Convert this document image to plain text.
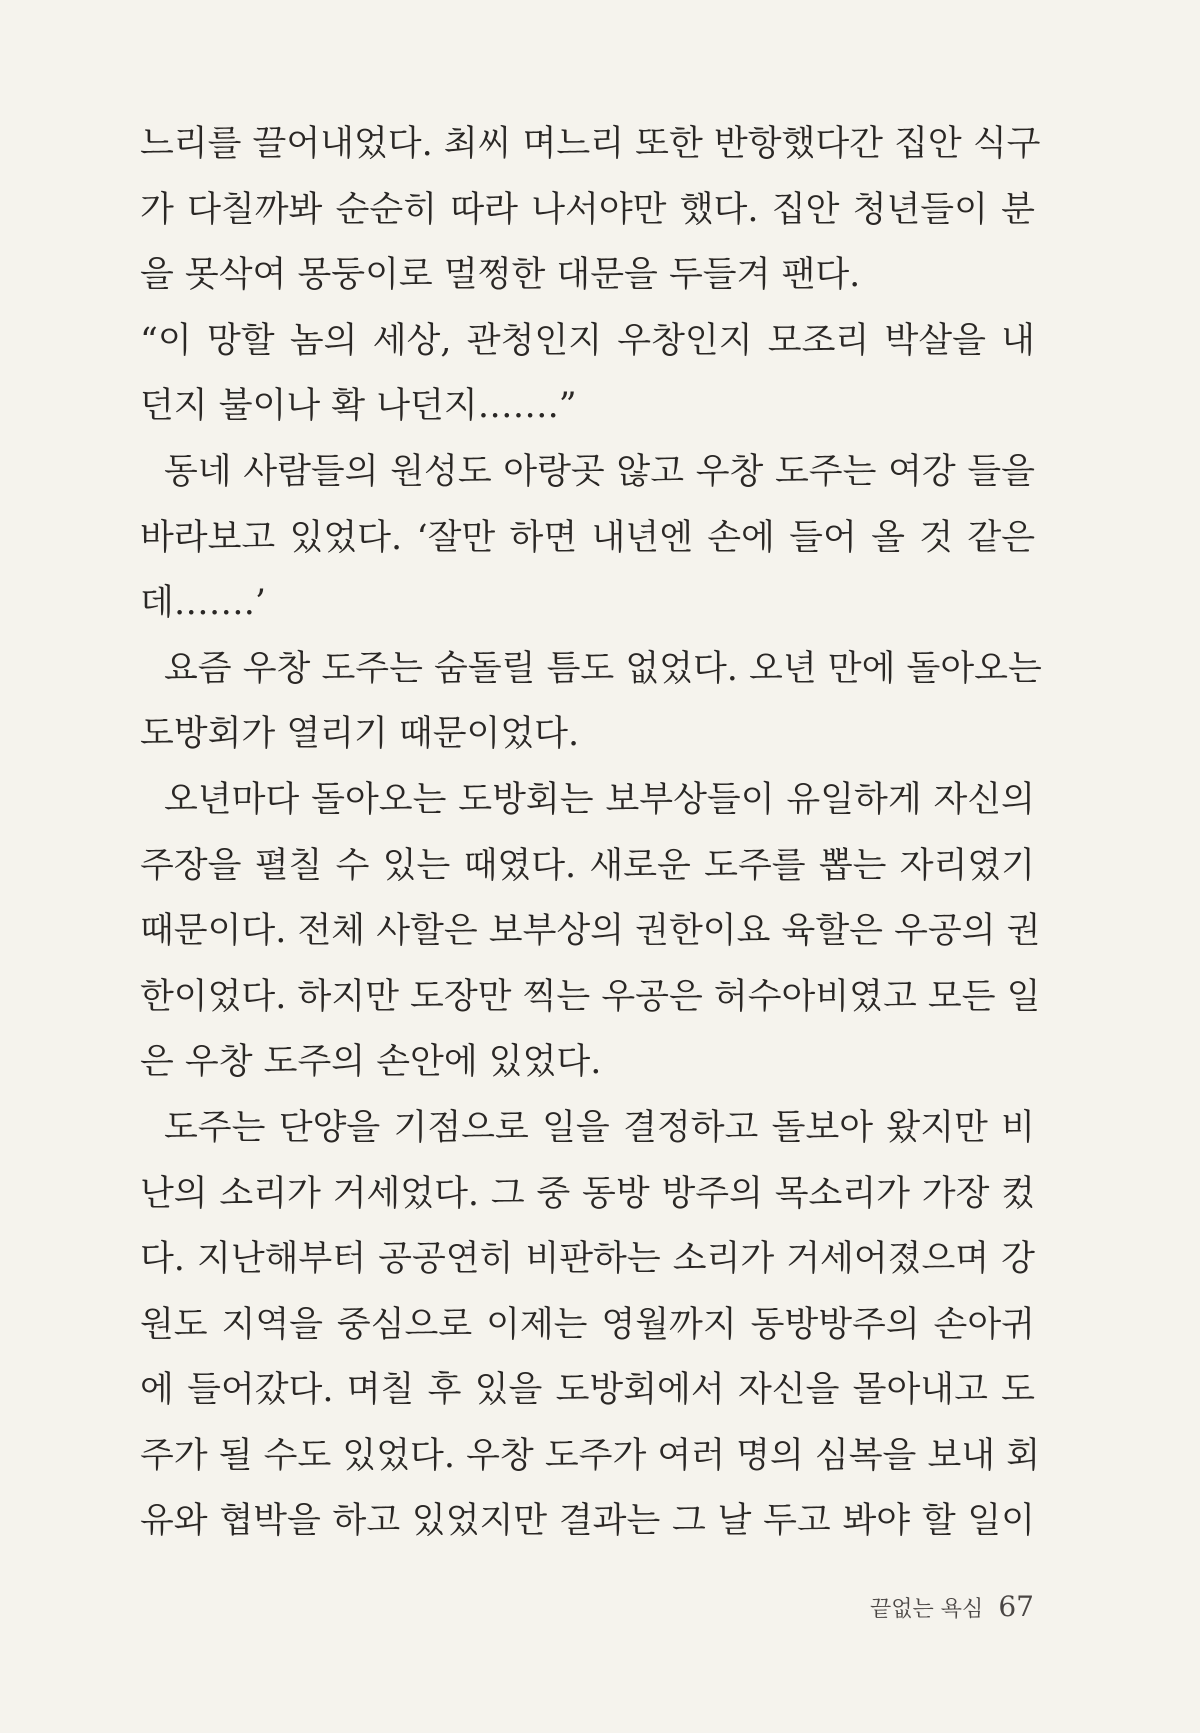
느리를 끌어내었다. 최씨 며느리 또한 반항했다간 집안 식구
가 다칠까봐 순순히 따라 나서야만 했다. 집안 청년들이 분
을 못삭여 몽둥이로 멀쩡한 대문을 두들겨 팬다.
“이 망할 놈의 세상, 관청인지 우창인지 모조리 박살을 내
던지 불이나 확 나던지…….”
동네 사람들의 원성도 아랑곳 않고 우창 도주는 여강 들을
바라보고 있었다. ‘잘만 하면 내년엔 손에 들어 올 것 같은
데…….’
요즘 우창 도주는 숨돌릴 틈도 없었다. 오년 만에 돌아오는
도방회가 열리기 때문이었다.
오년마다 돌아오는 도방회는 보부상들이 유일하게 자신의
주장을 펼칠 수 있는 때였다. 새로운 도주를 뽑는 자리였기
때문이다. 전체 사할은 보부상의 권한이요 육할은 우공의 권
한이었다. 하지만 도장만 찍는 우공은 허수아비였고 모든 일
은 우창 도주의 손안에 있었다.
도주는 단양을 기점으로 일을 결정하고 돌보아 왔지만 비
난의 소리가 거세었다. 그 중 동방 방주의 목소리가 가장 컸
다. 지난해부터 공공연히 비판하는 소리가 거세어졌으며 강
원도 지역을 중심으로 이제는 영월까지 동방방주의 손아귀
에 들어갔다. 며칠 후 있을 도방회에서 자신을 몰아내고 도
주가 될 수도 있었다. 우창 도주가 여러 명의 심복을 보내 회
유와 협박을 하고 있었지만 결과는 그 날 두고 봐야 할 일이
끝없는 욕심 67
